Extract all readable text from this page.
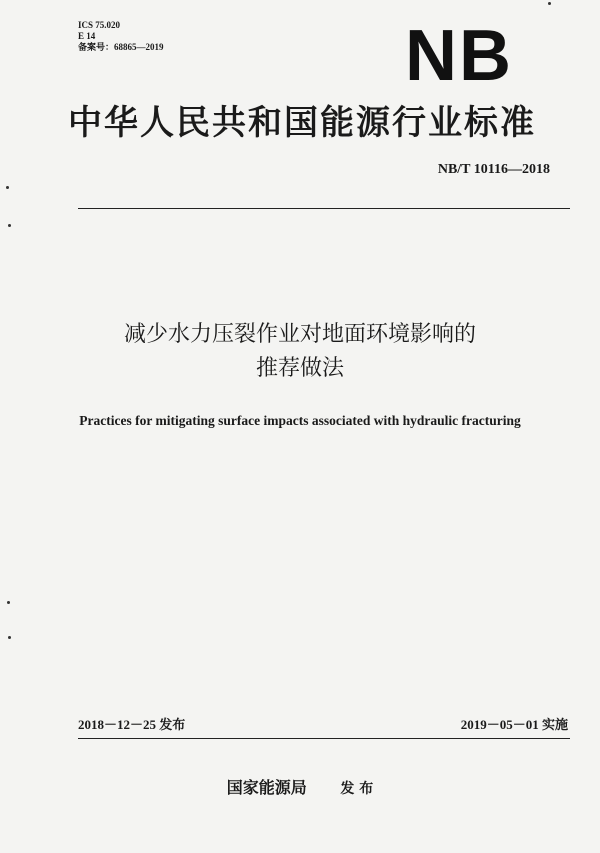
ICS 75.020
E 14
备案号：68865—2019	NB
中华人民共和国能源行业标准
NB/T 10116—2018
减少水力压裂作业对地面环境影响的
推荐做法
Practices for mitigating surface impacts associated with hydraulic fracturing
2018－12－25 发布	2019－05－01 实施
国家能源局 发 布
